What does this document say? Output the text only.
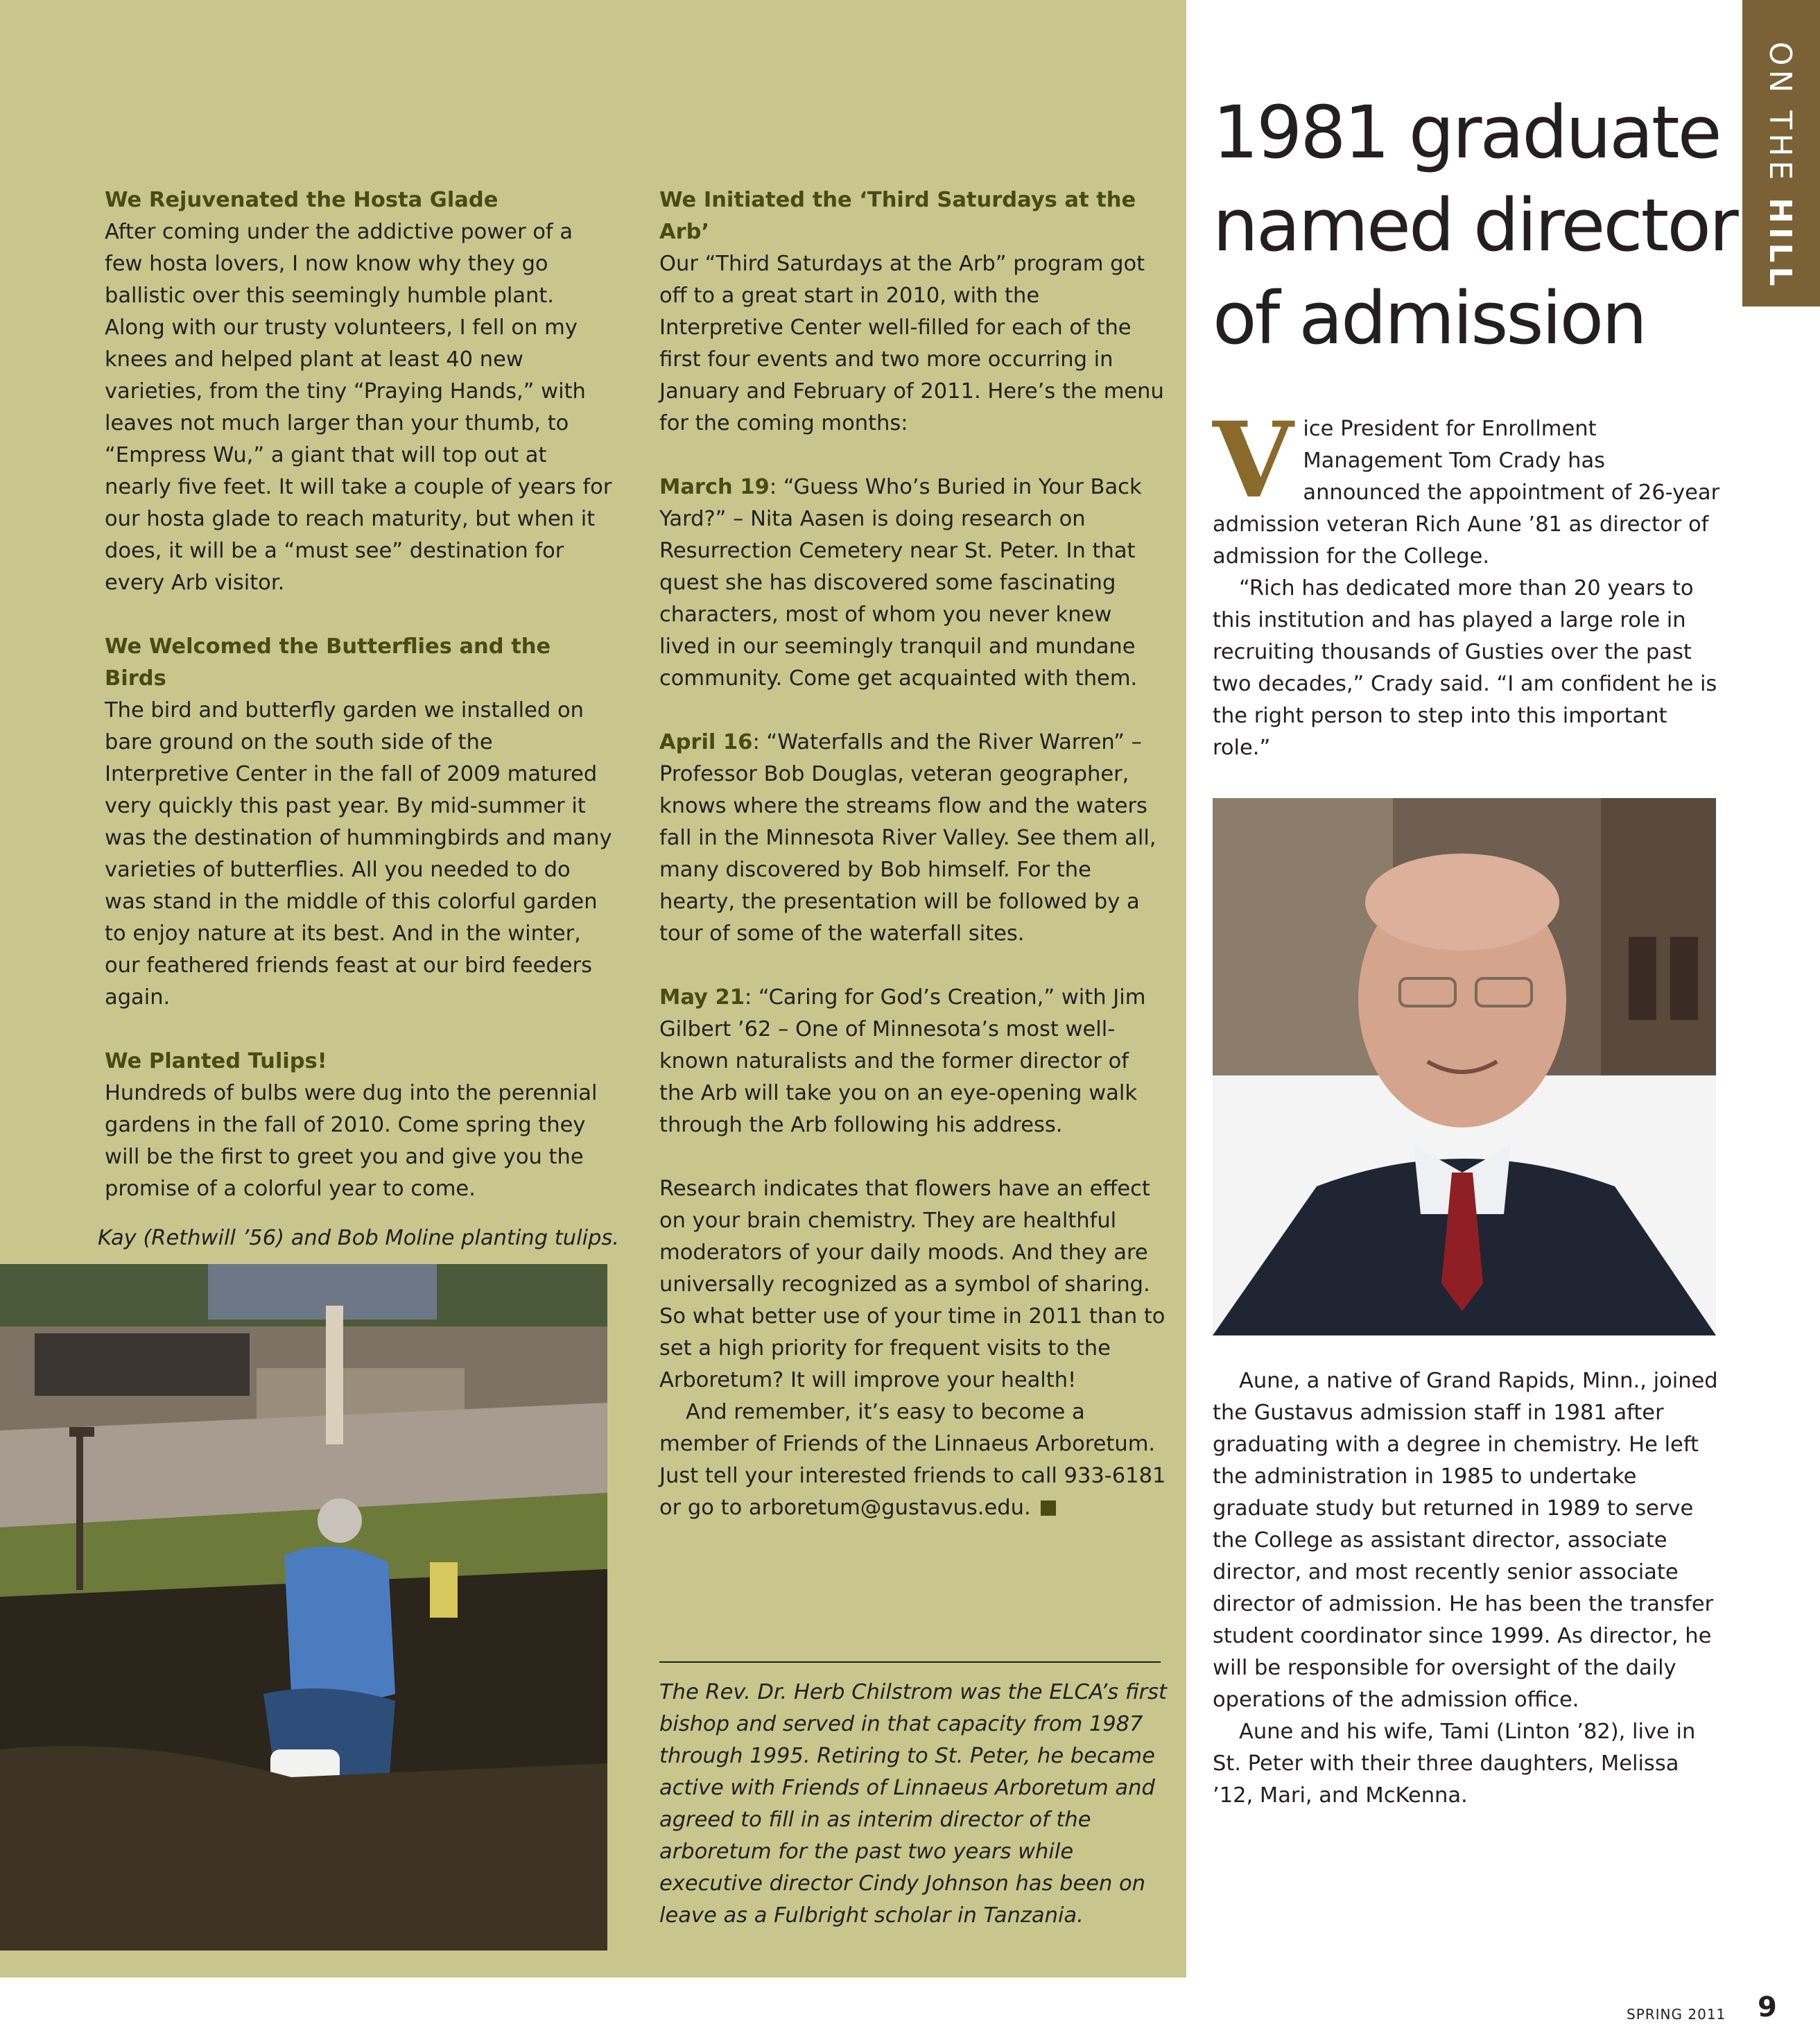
We Rejuvenated the Hosta Glade

After coming under the addictive power of a few hosta lovers, I now know why they go ballistic over this seemingly humble plant. Along with our trusty volunteers, I fell on my knees and helped plant at least 40 new varieties, from the tiny “Praying Hands,” with leaves not much larger than your thumb, to “Empress Wu,” a giant that will top out at nearly five feet. It will take a couple of years for our hosta glade to reach maturity, but when it does, it will be a “must see” destination for every Arb visitor.

We Welcomed the Butterflies and the Birds

The bird and butterfly garden we installed on bare ground on the south side of the Interpretive Center in the fall of 2009 matured very quickly this past year. By mid-summer it was the destination of hummingbirds and many varieties of butterflies. All you needed to do was stand in the middle of this colorful garden to enjoy nature at its best. And in the winter, our feathered friends feast at our bird feeders again.

We Planted Tulips!

Hundreds of bulbs were dug into the perennial gardens in the fall of 2010. Come spring they will be the first to greet you and give you the promise of a colorful year to come.

Kay (Rethwill ’56) and Bob Moline planting tulips.

We Initiated the ‘Third Saturdays at the Arb’

Our “Third Saturdays at the Arb” program got off to a great start in 2010, with the Interpretive Center well-filled for each of the first four events and two more occurring in January and February of 2011. Here’s the menu for the coming months:

March 19: “Guess Who’s Buried in Your Back Yard?” – Nita Aasen is doing research on Resurrection Cemetery near St. Peter. In that quest she has discovered some fascinating characters, most of whom you never knew lived in our seemingly tranquil and mundane community. Come get acquainted with them.

April 16: “Waterfalls and the River Warren” – Professor Bob Douglas, veteran geographer, knows where the streams flow and the waters fall in the Minnesota River Valley. See them all, many discovered by Bob himself. For the hearty, the presentation will be followed by a tour of some of the waterfall sites.

May 21: “Caring for God’s Creation,” with Jim Gilbert ’62 – One of Minnesota’s most well-known naturalists and the former director of the Arb will take you on an eye-opening walk through the Arb following his address.

Research indicates that flowers have an effect on your brain chemistry. They are healthful moderators of your daily moods. And they are universally recognized as a symbol of sharing. So what better use of your time in 2011 than to set a high priority for frequent visits to the Arboretum? It will improve your health!

And remember, it’s easy to become a member of Friends of the Linnaeus Arboretum. Just tell your interested friends to call 933-6181 or go to arboretum@gustavus.edu.

The Rev. Dr. Herb Chilstrom was the ELCA’s first bishop and served in that capacity from 1987 through 1995. Retiring to St. Peter, he became active with Friends of Linnaeus Arboretum and agreed to fill in as interim director of the arboretum for the past two years while executive director Cindy Johnson has been on leave as a Fulbright scholar in Tanzania.
1981 graduate named director of admission

Vice President for Enrollment Management Tom Crady has announced the appointment of 26-year admission veteran Rich Aune ’81 as director of admission for the College.

“Rich has dedicated more than 20 years to this institution and has played a large role in recruiting thousands of Gusties over the past two decades,” Crady said. “I am confident he is the right person to step into this important role.”

Aune, a native of Grand Rapids, Minn., joined the Gustavus admission staff in 1981 after graduating with a degree in chemistry. He left the administration in 1985 to undertake graduate study but returned in 1989 to serve the College as assistant director, associate director, and most recently senior associate director of admission. He has been the transfer student coordinator since 1999. As director, he will be responsible for oversight of the daily operations of the admission office.

Aune and his wife, Tami (Linton ’82), live in St. Peter with their three daughters, Melissa ’12, Mari, and McKenna.

ON THE HILL
SPRING 2011 9
